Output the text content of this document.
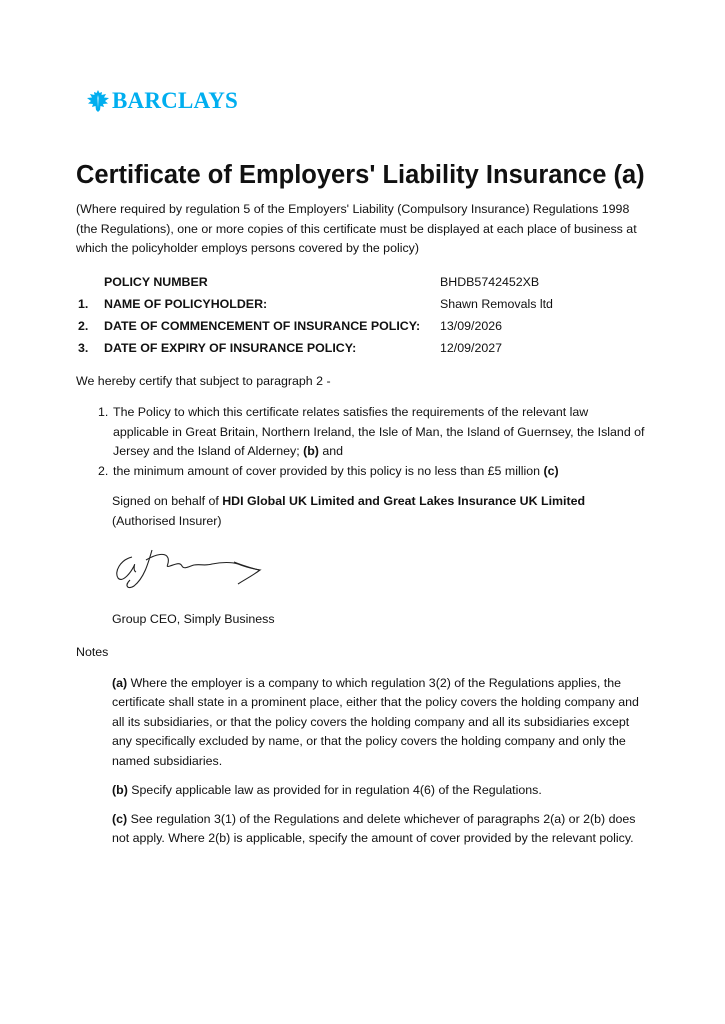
BARCLAYS
Certificate of Employers' Liability Insurance (a)
(Where required by regulation 5 of the Employers' Liability (Compulsory Insurance) Regulations 1998
(the Regulations), one or more copies of this certificate must be displayed at each place of business at
which the policyholder employs persons covered by the policy)
POLICY NUMBER	BHDB5742452XB
1. NAME OF POLICYHOLDER:	Shawn Removals ltd
2. DATE OF COMMENCEMENT OF INSURANCE POLICY: 13/09/2026
3. DATE OF EXPIRY OF INSURANCE POLICY:	12/09/2027
We hereby certify that subject to paragraph 2 -
1. The Policy to which this certificate relates satisfies the requirements of the relevant law
applicable in Great Britain, Northern Ireland, the Isle of Man, the Island of Guernsey, the Island of
Jersey and the Island of Alderney; (b) and
2. the minimum amount of cover provided by this policy is no less than £5 million (c)
Signed on behalf of HDI Global UK Limited and Great Lakes Insurance UK Limited
(Authorised Insurer)
Group CEO, Simply Business
Notes
(a) Where the employer is a company to which regulation 3(2) of the Regulations applies, the
certificate shall state in a prominent place, either that the policy covers the holding company and
all its subsidiaries, or that the policy covers the holding company and all its subsidiaries except
any specifically excluded by name, or that the policy covers the holding company and only the
named subsidiaries.
(b) Specify applicable law as provided for in regulation 4(6) of the Regulations.
(c) See regulation 3(1) of the Regulations and delete whichever of paragraphs 2(a) or 2(b) does
not apply. Where 2(b) is applicable, specify the amount of cover provided by the relevant policy.
